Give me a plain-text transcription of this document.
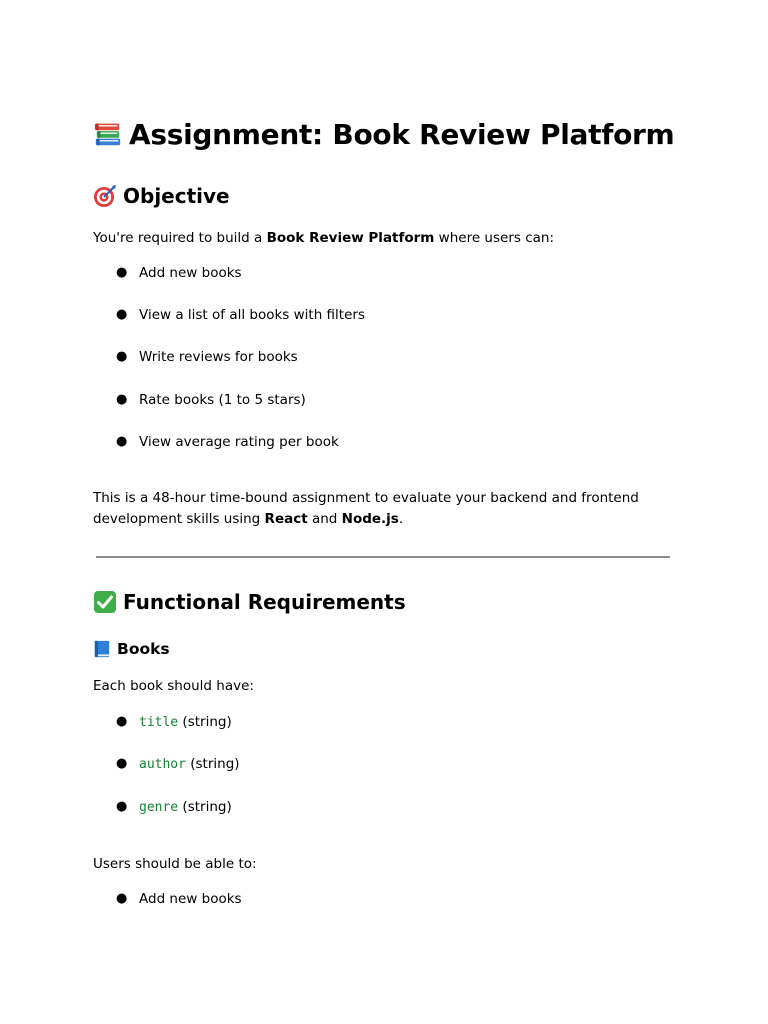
Assignment: Book Review Platform
Objective

You're required to build a Book Review Platform where users can:

● Add new books
● View a list of all books with filters
● Write reviews for books
● Rate books (1 to 5 stars)
● View average rating per book

This is a 48-hour time-bound assignment to evaluate your backend and frontend development skills using React and Node.js.

Functional Requirements
Books

Each book should have:

● title (string)
● author (string)
● genre (string)

Users should be able to:

● Add new books
